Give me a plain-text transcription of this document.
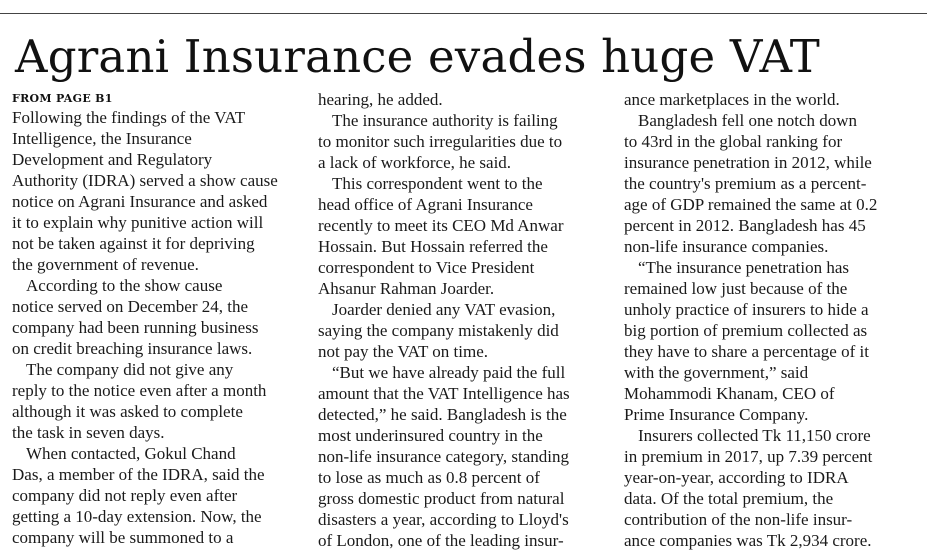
Agrani Insurance evades huge VAT
FROM PAGE B1

Following the findings of the VAT
Intelligence, the Insurance
Development and Regulatory
Authority (IDRA) served a show cause
notice on Agrani Insurance and asked
it to explain why punitive action will
not be taken against it for depriving
the government of revenue.

According to the show cause
notice served on December 24, the
company had been running business
on credit breaching insurance laws.

The company did not give any
reply to the notice even after a month
although it was asked to complete
the task in seven days.

When contacted, Gokul Chand
Das, a member of the IDRA, said the
company did not reply even after
getting a 10-day extension. Now, the
company will be summoned to a

hearing, he added.

The insurance authority is failing
to monitor such irregularities due to
a lack of workforce, he said.

This correspondent went to the
head office of Agrani Insurance
recently to meet its CEO Md Anwar
Hossain. But Hossain referred the
correspondent to Vice President
Ahsanur Rahman Joarder.

Joarder denied any VAT evasion,
saying the company mistakenly did
not pay the VAT on time.

“But we have already paid the full
amount that the VAT Intelligence has
detected,” he said. Bangladesh is the
most underinsured country in the
non-life insurance category, standing
to lose as much as 0.8 percent of
gross domestic product from natural
disasters a year, according to Lloyd's
of London, one of the leading insur-

ance marketplaces in the world.

Bangladesh fell one notch down
to 43rd in the global ranking for
insurance penetration in 2012, while
the country's premium as a percent-
age of GDP remained the same at 0.2
percent in 2012. Bangladesh has 45
non-life insurance companies.

“The insurance penetration has
remained low just because of the
unholy practice of insurers to hide a
big portion of premium collected as
they have to share a percentage of it
with the government,” said
Mohammodi Khanam, CEO of
Prime Insurance Company.

Insurers collected Tk 11,150 crore
in premium in 2017, up 7.39 percent
year-on-year, according to IDRA
data. Of the total premium, the
contribution of the non-life insur-
ance companies was Tk 2,934 crore.
